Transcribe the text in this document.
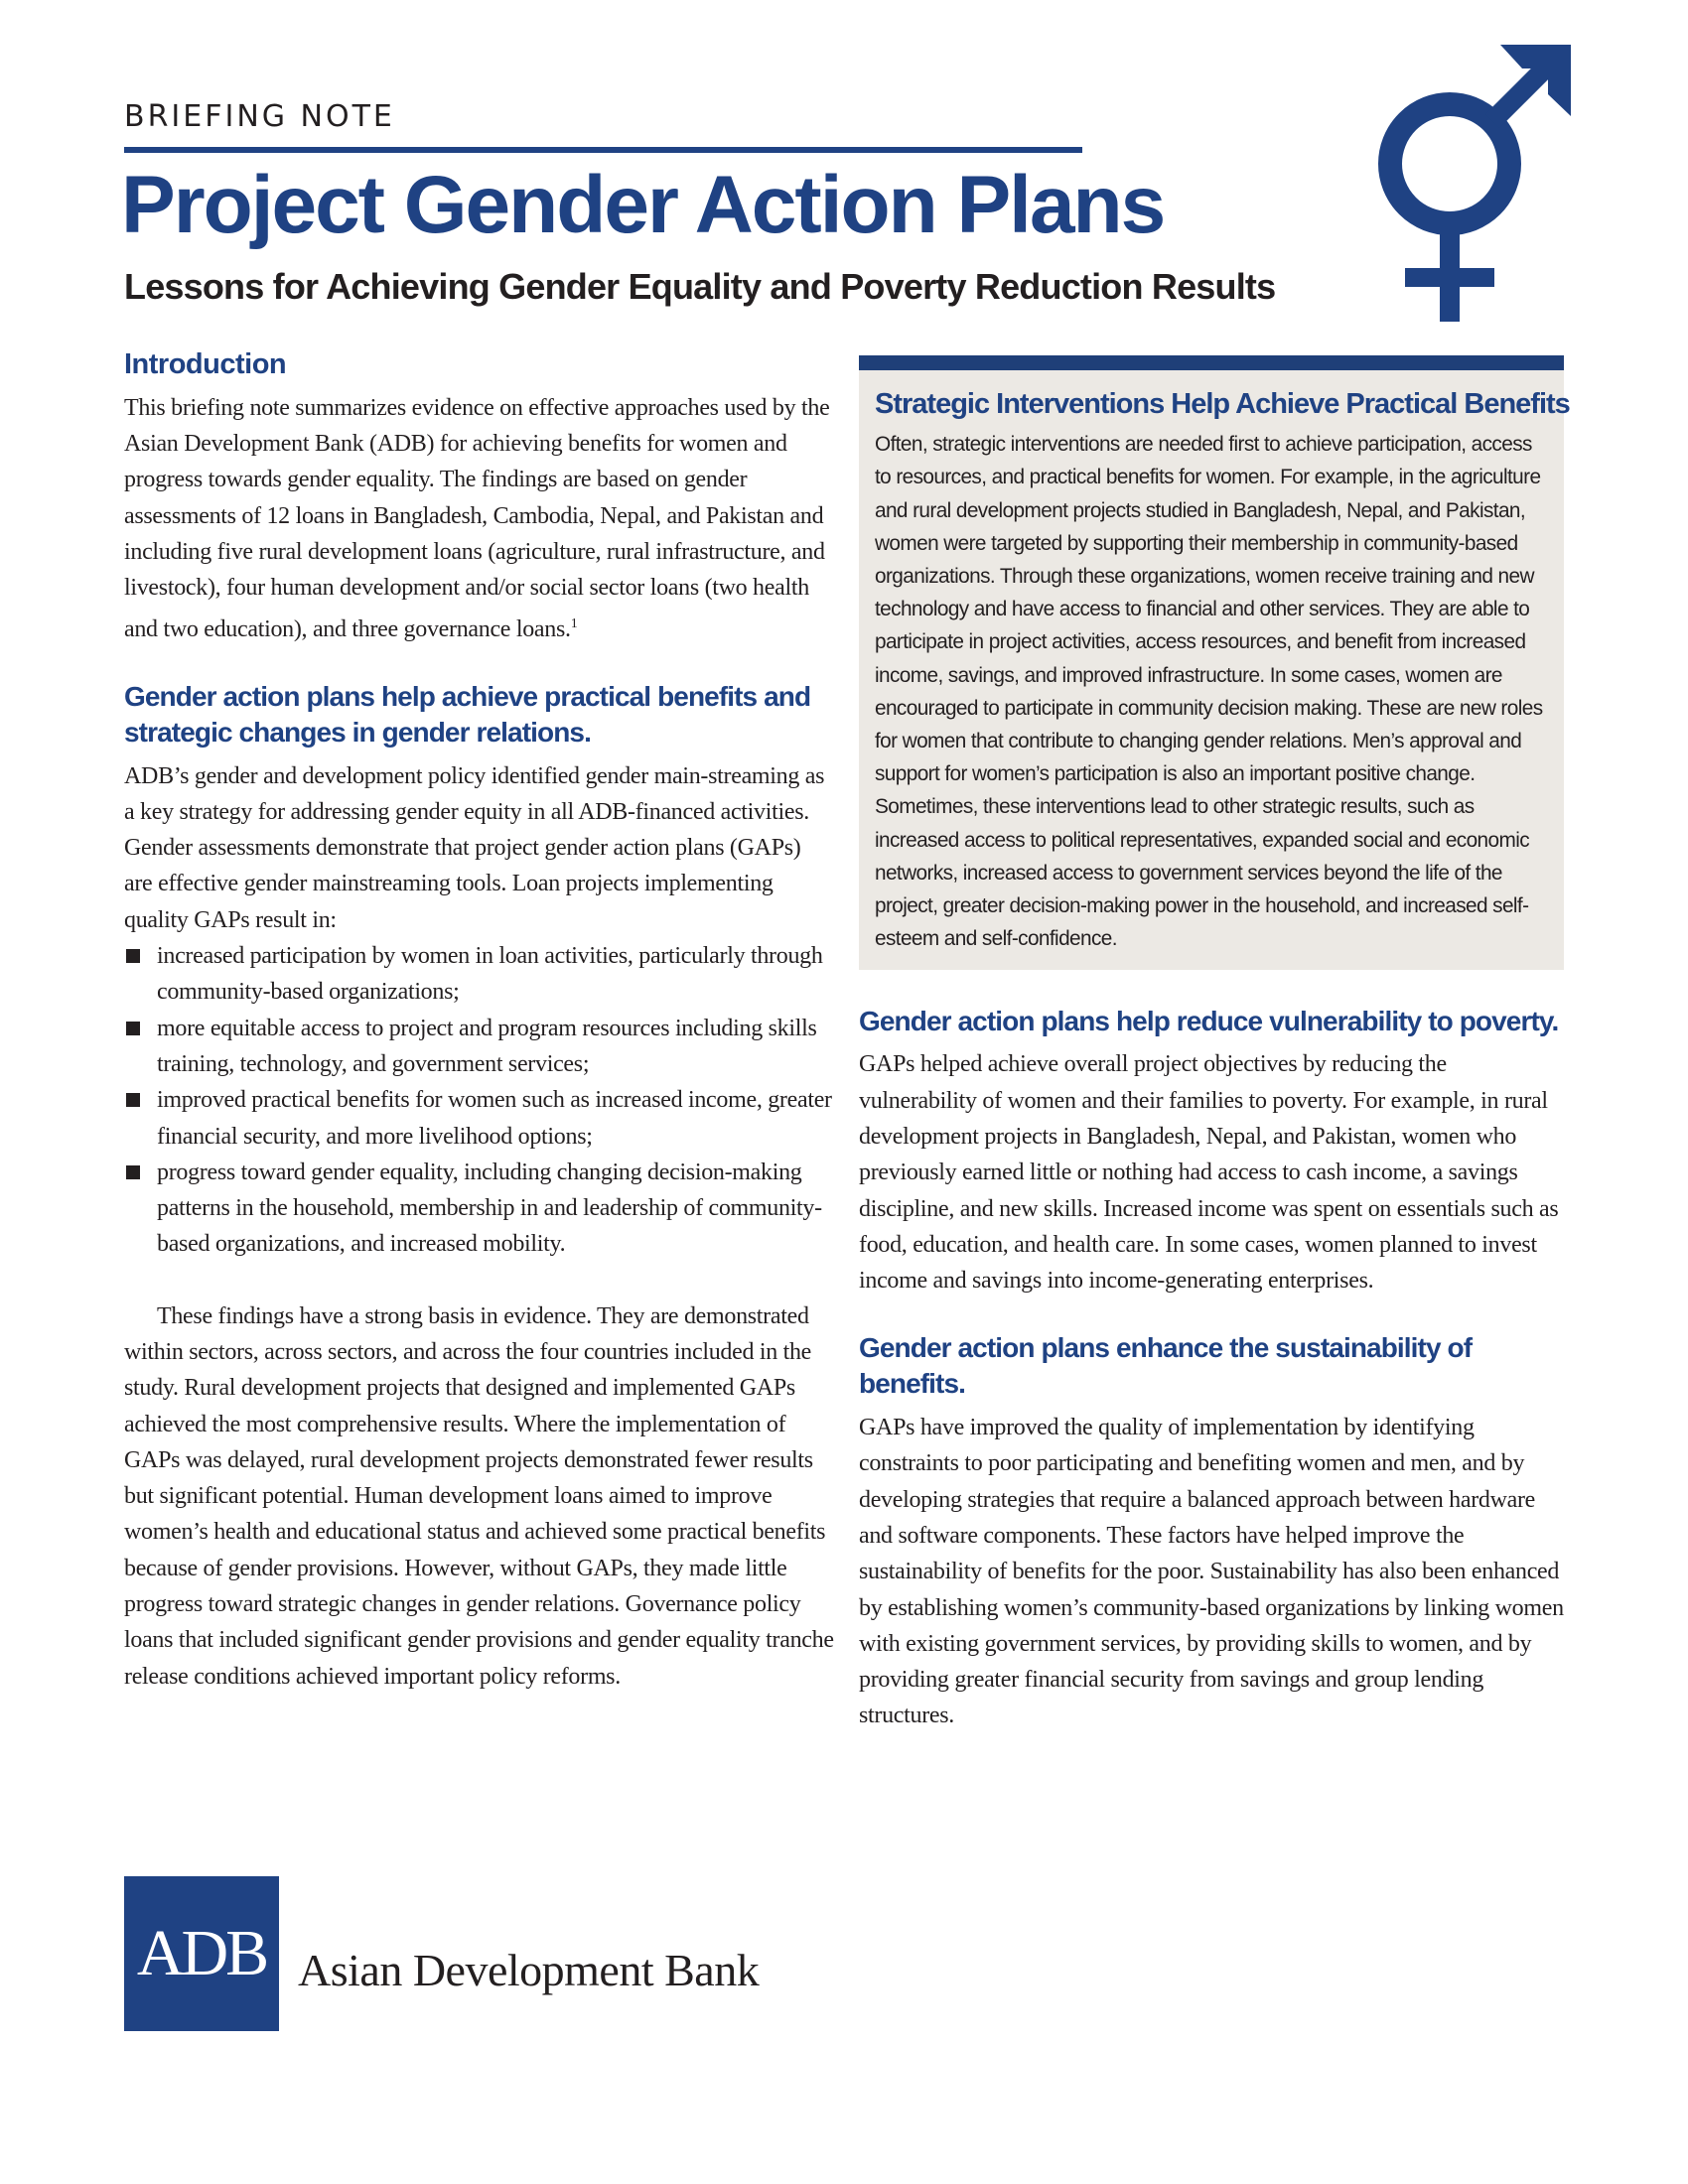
BRIEFING NOTE
Project Gender Action Plans
Lessons for Achieving Gender Equality and Poverty Reduction Results
Introduction

This briefing note summarizes evidence on effective approaches used by the Asian Development Bank (ADB) for achieving benefits for women and progress towards gender equality. The findings are based on gender assessments of 12 loans in Bangladesh, Cambodia, Nepal, and Pakistan and including five rural development loans (agriculture, rural infrastructure, and livestock), four human development and/or social sector loans (two health and two education), and three governance loans.$^1$

Gender action plans help achieve practical benefits and strategic changes in gender relations.

ADB’s gender and development policy identified gender main-streaming as a key strategy for addressing gender equity in all ADB-financed activities. Gender assessments demonstrate that project gender action plans (GAPs) are effective gender mainstreaming tools. Loan projects implementing quality GAPs result in:

increased participation by women in loan activities, particularly through community-based organizations;
more equitable access to project and program resources including skills training, technology, and government services;
improved practical benefits for women such as increased income, greater financial security, and more livelihood options;
progress toward gender equality, including changing decision-making patterns in the household, membership in and leadership of community-based organizations, and increased mobility.

These findings have a strong basis in evidence. They are demonstrated within sectors, across sectors, and across the four countries included in the study. Rural development projects that designed and implemented GAPs achieved the most comprehensive results. Where the implementation of GAPs was delayed, rural development projects demonstrated fewer results but significant potential. Human development loans aimed to improve women’s health and educational status and achieved some practical benefits because of gender provisions. However, without GAPs, they made little progress toward strategic changes in gender relations. Governance policy loans that included significant gender provisions and gender equality tranche release conditions achieved important policy reforms.

Strategic Interventions Help Achieve Practical Benefits

Often, strategic interventions are needed first to achieve participation, access to resources, and practical benefits for women. For example, in the agriculture and rural development projects studied in Bangladesh, Nepal, and Pakistan, women were targeted by supporting their membership in community-based organizations. Through these organizations, women receive training and new technology and have access to financial and other services. They are able to participate in project activities, access resources, and benefit from increased income, savings, and improved infrastructure. In some cases, women are encouraged to participate in community decision making. These are new roles for women that contribute to changing gender relations. Men’s approval and support for women’s participation is also an important positive change. Sometimes, these interventions lead to other strategic results, such as increased access to political representatives, expanded social and economic networks, increased access to government services beyond the life of the project, greater decision-making power in the household, and increased self-esteem and self-confidence.

Gender action plans help reduce vulnerability to poverty.

GAPs helped achieve overall project objectives by reducing the vulnerability of women and their families to poverty. For example, in rural development projects in Bangladesh, Nepal, and Pakistan, women who previously earned little or nothing had access to cash income, a savings discipline, and new skills. Increased income was spent on essentials such as food, education, and health care. In some cases, women planned to invest income and savings into income-generating enterprises.

Gender action plans enhance the sustainability of benefits.

GAPs have improved the quality of implementation by identifying constraints to poor participating and benefiting women and men, and by developing strategies that require a balanced approach between hardware and software components. These factors have helped improve the sustainability of benefits for the poor. Sustainability has also been enhanced by establishing women’s community-based organizations by linking women with existing government services, by providing skills to women, and by providing greater financial security from savings and group lending structures.

ADB Asian Development Bank
